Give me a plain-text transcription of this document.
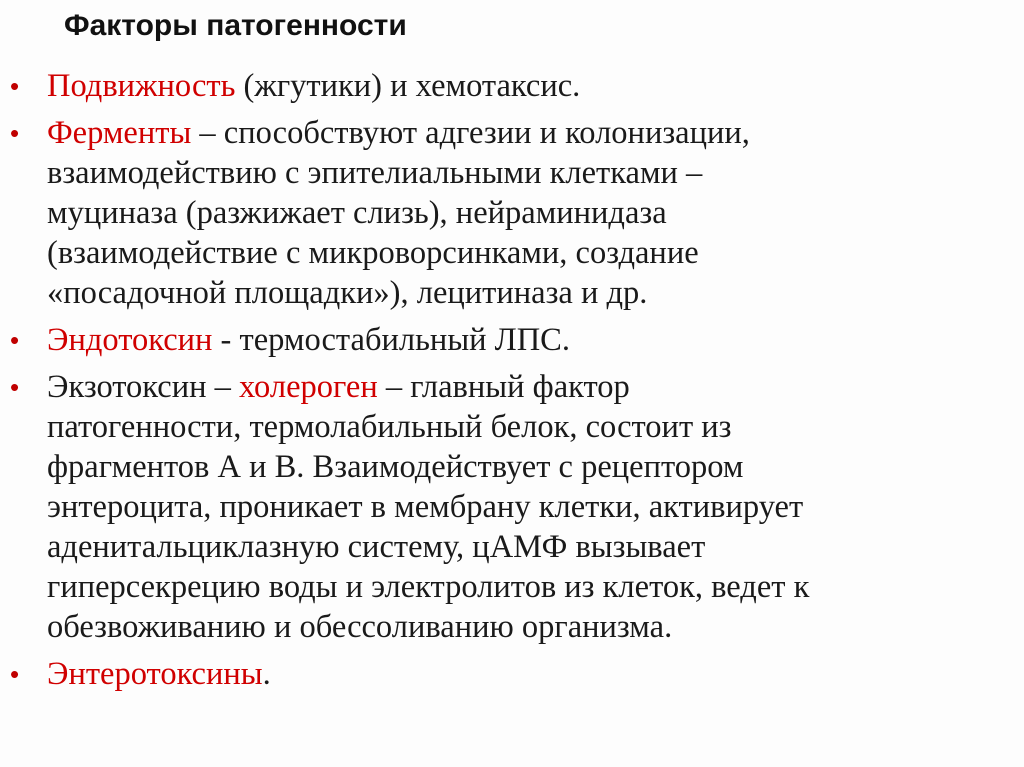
Факторы патогенности
• Подвижность (жгутики) и хемотаксис.
• Ферменты – способствуют адгезии и колонизации,
взаимодействию с эпителиальными клетками –
муциназа (разжижает слизь), нейраминидаза
(взаимодействие с микроворсинками, создание
«посадочной площадки»), лецитиназа и др.
• Эндотоксин - термостабильный ЛПС.
• Экзотоксин – холероген – главный фактор
патогенности, термолабильный белок, состоит из
фрагментов А и В. Взаимодействует с рецептором
энтероцита, проникает в мембрану клетки, активирует
аденитальциклазную систему, цАМФ вызывает
гиперсекрецию воды и электролитов из клеток, ведет к
обезвоживанию и обессоливанию организма.
• Энтеротоксины.
